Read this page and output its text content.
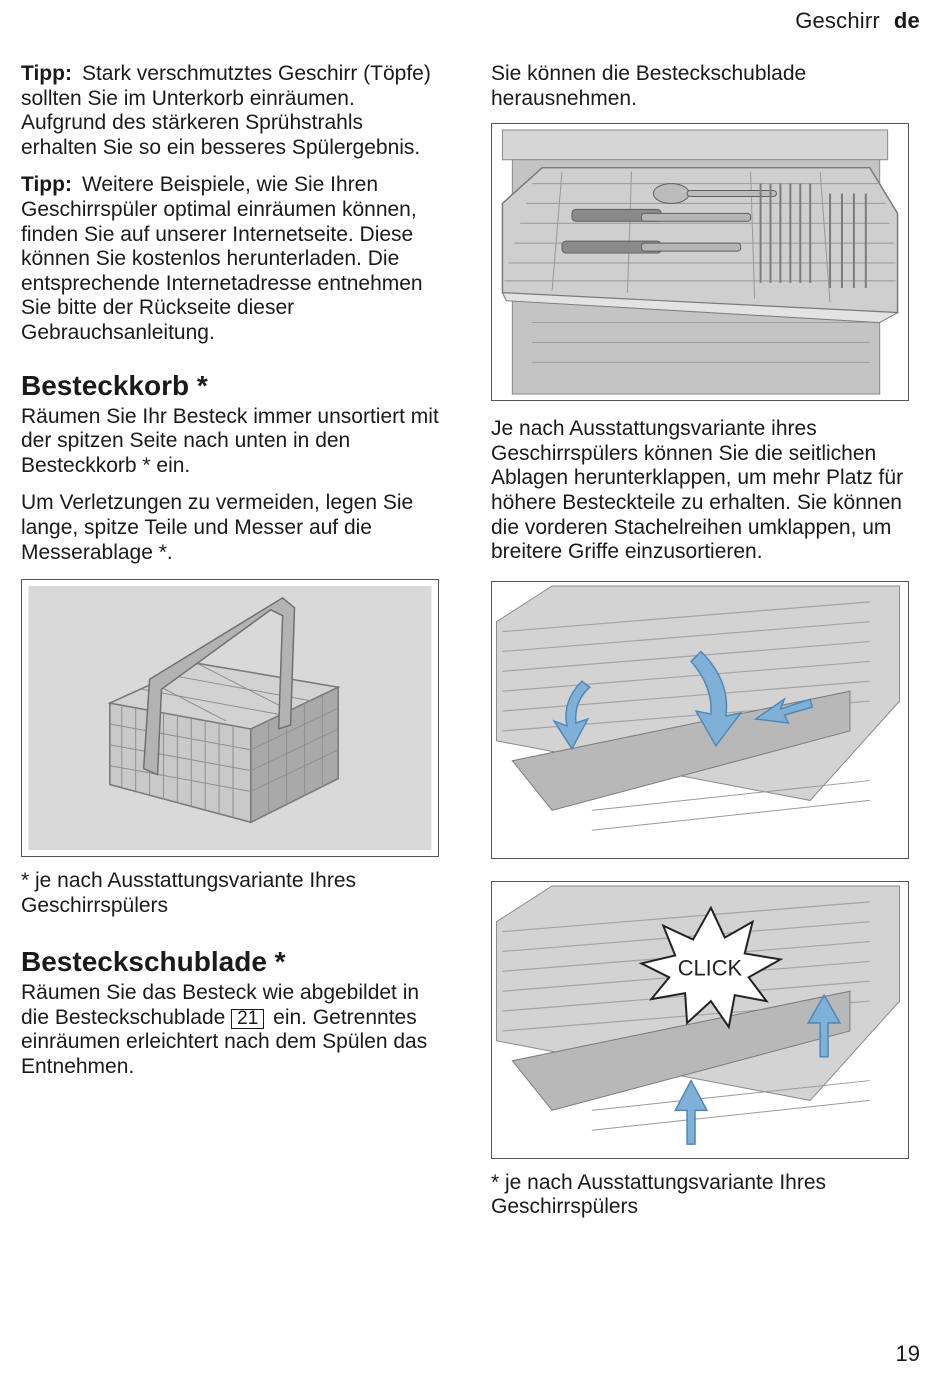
Geschirr de

Tipp: Stark verschmutztes Geschirr (Töpfe) sollten Sie im Unterkorb einräumen. Aufgrund des stärkeren Sprühstrahls erhalten Sie so ein besseres Spülergebnis.

Tipp: Weitere Beispiele, wie Sie Ihren Geschirrspüler optimal einräumen können, finden Sie auf unserer Internetseite. Diese können Sie kostenlos herunterladen. Die entsprechende Internetadresse entnehmen Sie bitte der Rückseite dieser Gebrauchsanleitung.

Besteckkorb *

Räumen Sie Ihr Besteck immer unsortiert mit der spitzen Seite nach unten in den Besteckkorb * ein.

Um Verletzungen zu vermeiden, legen Sie lange, spitze Teile und Messer auf die Messerablage *.

* je nach Ausstattungsvariante Ihres Geschirrspülers

Besteckschublade *

Räumen Sie das Besteck wie abgebildet in die Besteckschublade 21 ein. Getrenntes einräumen erleichtert nach dem Spülen das Entnehmen.

Sie können die Besteckschublade herausnehmen.

Je nach Ausstattungsvariante ihres Geschirrspülers können Sie die seitlichen Ablagen herunterklappen, um mehr Platz für höhere Besteckteile zu erhalten. Sie können die vorderen Stachelreihen umklappen, um breitere Griffe einzusortieren.

CLICK

* je nach Ausstattungsvariante Ihres Geschirrspülers

19
